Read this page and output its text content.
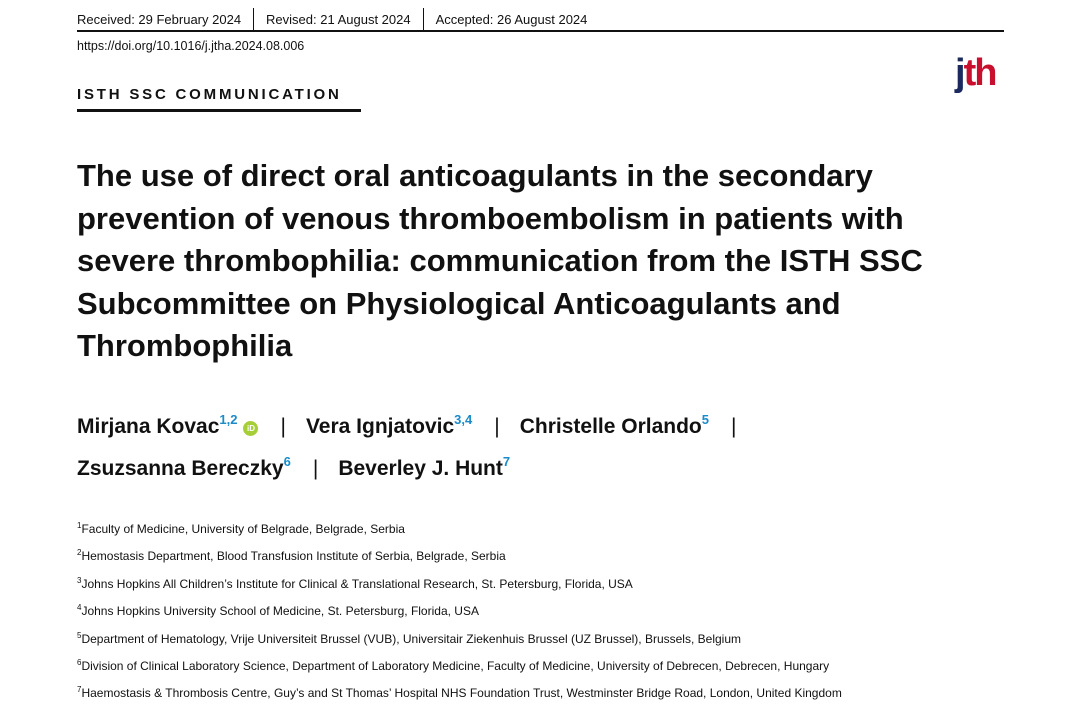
Received: 29 February 2024 Revised: 21 August 2024 Accepted: 26 August 2024
https://doi.org/10.1016/j.jtha.2024.08.006
jth
ISTH SSC COMMUNICATION
The use of direct oral anticoagulants in the secondary prevention of venous thromboembolism in patients with severe thrombophilia: communication from the ISTH SSC Subcommittee on Physiological Anticoagulants and Thrombophilia
Mirjana Kovac$^{1,2}$iD | Vera Ignjatovic$^{3,4}$ | Christelle Orlando$^5$ |
Zsuzsanna Bereczky$^6$ | Beverley J. Hunt$^7$
$^1$Faculty of Medicine, University of Belgrade, Belgrade, Serbia
$^2$Hemostasis Department, Blood Transfusion Institute of Serbia, Belgrade, Serbia
$^3$Johns Hopkins All Children’s Institute for Clinical & Translational Research, St. Petersburg, Florida, USA
$^4$Johns Hopkins University School of Medicine, St. Petersburg, Florida, USA
$^5$Department of Hematology, Vrije Universiteit Brussel (VUB), Universitair Ziekenhuis Brussel (UZ Brussel), Brussels, Belgium
$^6$Division of Clinical Laboratory Science, Department of Laboratory Medicine, Faculty of Medicine, University of Debrecen, Debrecen, Hungary
$^7$Haemostasis & Thrombosis Centre, Guy’s and St Thomas’ Hospital NHS Foundation Trust, Westminster Bridge Road, London, United Kingdom
